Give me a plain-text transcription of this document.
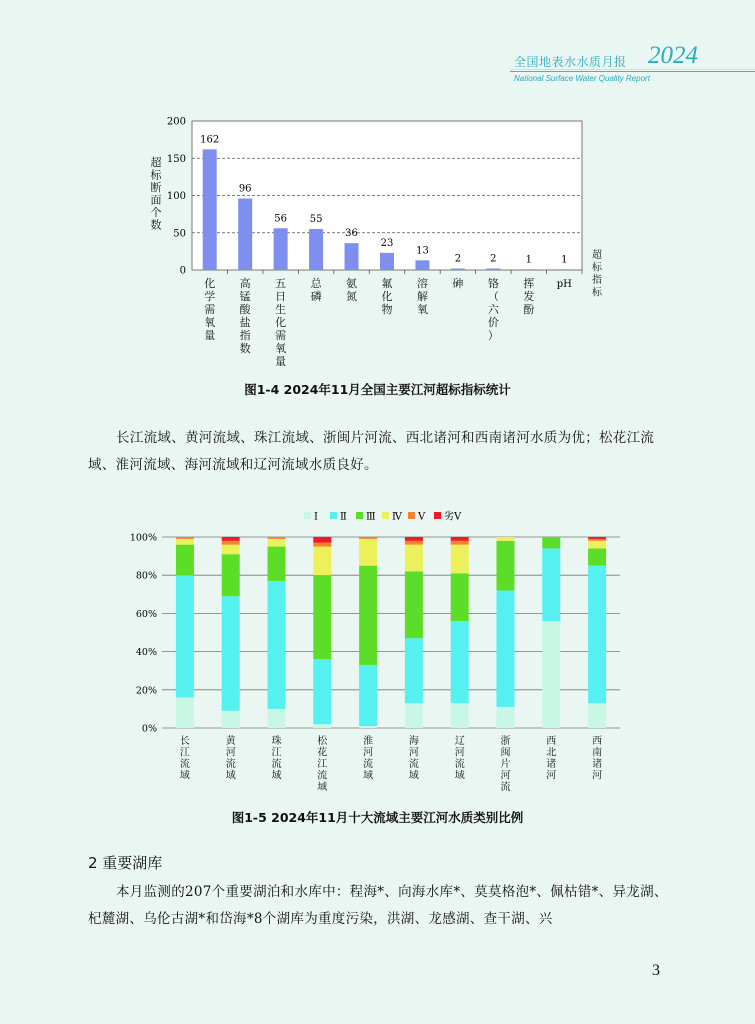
全国地表水水质月报 2024
National Surface Water Quality Report
0
50
100
150
200
162
96
56 55
36
23
13
2	2	1	1
化
学
需
氧
量
高
锰
酸
盐
指
数
五
日
生
化
需
氧
量
总
磷
氨
氮
氟
化
物
溶
解
氧
砷 铬
（
六
价
）
挥
发
酚
pH
超
标
断
面
个
数
超
标
指
标
图1-4 2024年11月全国主要江河超标指标统计
长江流域、黄河流域、珠江流域、浙闽片河流、西北诸河和西南诸河水质为优；松花江流域、淮河流域、海河流域和辽河流域水质良好。
Ⅰ Ⅱ Ⅲ Ⅳ Ⅴ 劣Ⅴ
0%
20%
40%
60%
80%
100%
长
江
流
域
黄
河
流
域
珠
江
流
域
松
花
江
流
域
淮
河
流
域
海
河
流
域
辽
河
流
域
浙
闽
片
河
流
西
北
诸
河
西
南
诸
河
图1-5 2024年11月十大流域主要江河水质类别比例
2 重要湖库
本月监测的207个重要湖泊和水库中：程海*、向海水库*、莫莫格泡*、佩枯错*、异龙湖、杞麓湖、乌伦古湖*和岱海*8个湖库为重度污染，洪湖、龙感湖、查干湖、兴
3
